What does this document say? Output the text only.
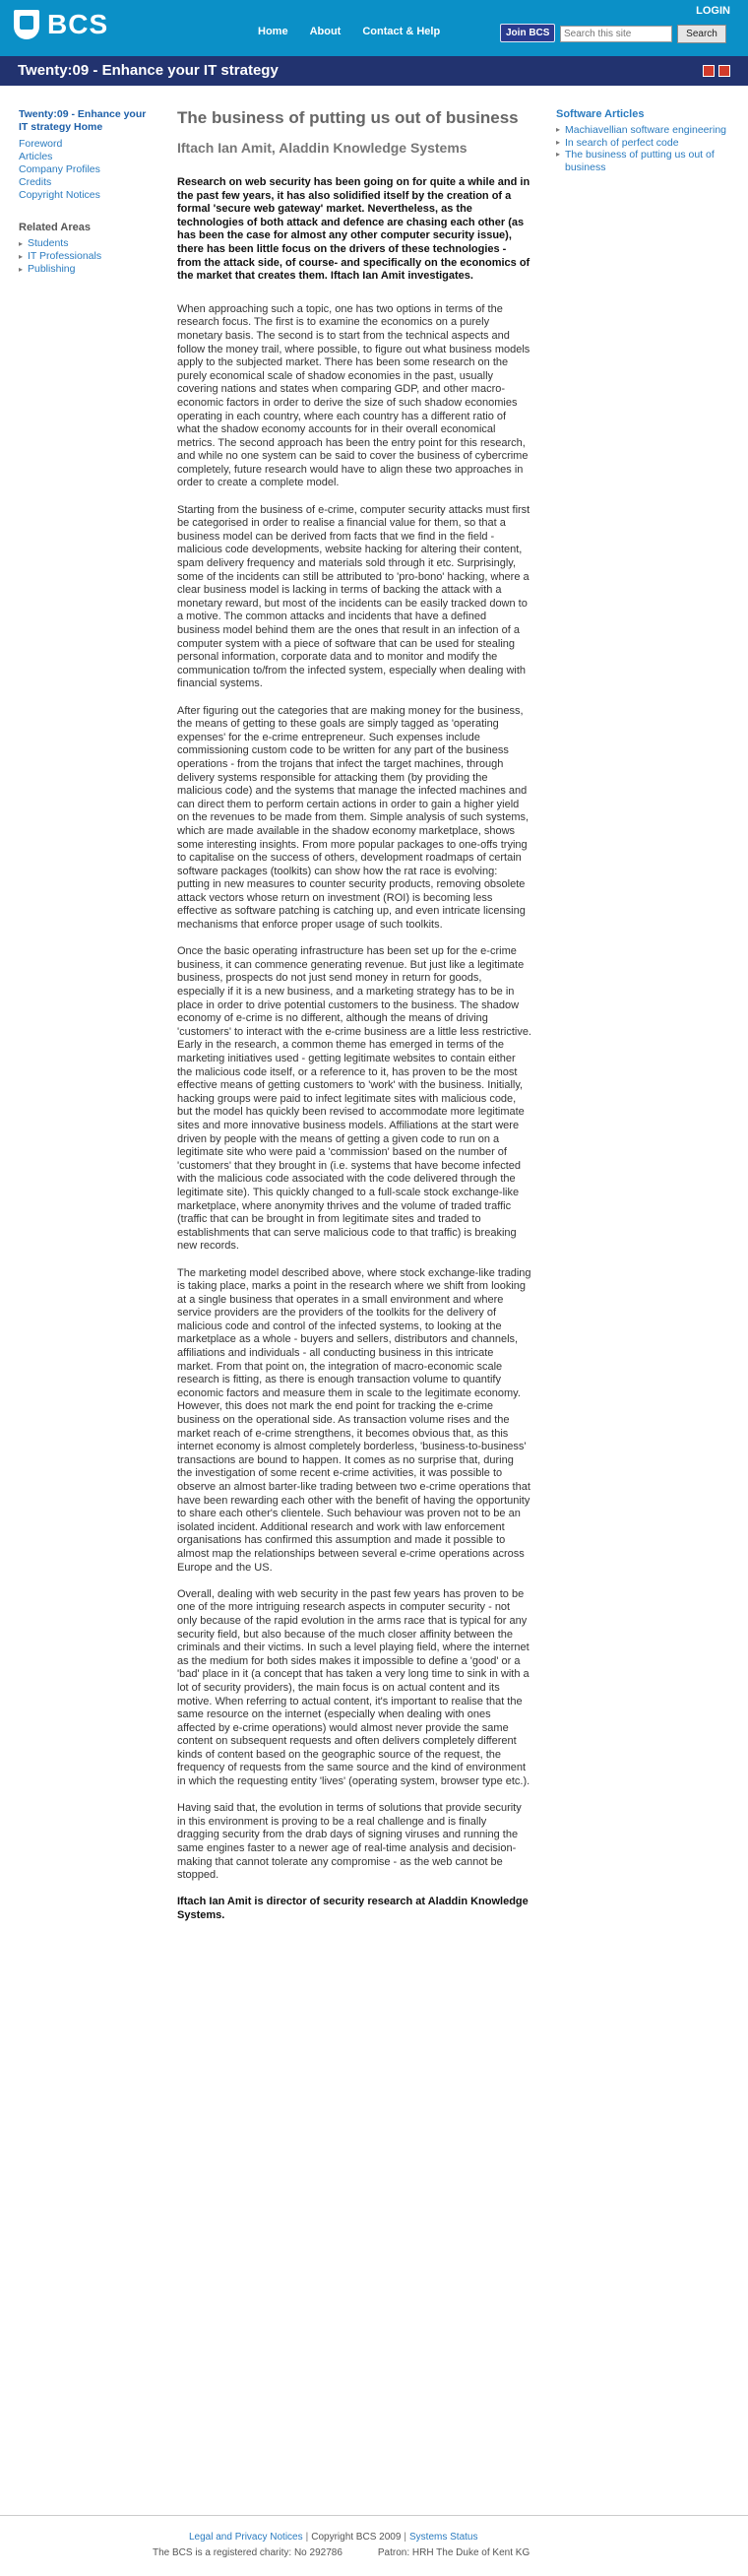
BCS	LOGIN
Home About Contact & Help	Join BCS
Search this site	Search
Twenty:09 - Enhance your IT strategy
Twenty:09 - Enhance your IT strategy Home
Foreword
Articles
Company Profiles
Credits
Copyright Notices
Related Areas
▸ Students
▸ IT Professionals
▸ Publishing
The business of putting us out of business
Iftach Ian Amit, Aladdin Knowledge Systems

Research on web security has been going on for quite a while and in the past few years, it has also solidified itself by the creation of a formal 'secure web gateway' market. Nevertheless, as the technologies of both attack and defence are chasing each other (as has been the case for almost any other computer security issue), there has been little focus on the drivers of these technologies - from the attack side, of course- and specifically on the economics of the market that creates them. Iftach Ian Amit investigates.

When approaching such a topic, one has two options in terms of the research focus. The first is to examine the economics on a purely monetary basis. The second is to start from the technical aspects and follow the money trail, where possible, to figure out what business models apply to the subjected market. There has been some research on the purely economical scale of shadow economies in the past, usually covering nations and states when comparing GDP, and other macro-economic factors in order to derive the size of such shadow economies operating in each country, where each country has a different ratio of what the shadow economy accounts for in their overall economical metrics. The second approach has been the entry point for this research, and while no one system can be said to cover the business of cybercrime completely, future research would have to align these two approaches in order to create a complete model.

Starting from the business of e-crime, computer security attacks must first be categorised in order to realise a financial value for them, so that a business model can be derived from facts that we find in the field - malicious code developments, website hacking for altering their content, spam delivery frequency and materials sold through it etc. Surprisingly, some of the incidents can still be attributed to 'pro-bono' hacking, where a clear business model is lacking in terms of backing the attack with a monetary reward, but most of the incidents can be easily tracked down to a motive. The common attacks and incidents that have a defined business model behind them are the ones that result in an infection of a computer system with a piece of software that can be used for stealing personal information, corporate data and to monitor and modify the communication to/from the infected system, especially when dealing with financial systems.

After figuring out the categories that are making money for the business, the means of getting to these goals are simply tagged as 'operating expenses' for the e-crime entrepreneur. Such expenses include commissioning custom code to be written for any part of the business operations - from the trojans that infect the target machines, through delivery systems responsible for attacking them (by providing the malicious code) and the systems that manage the infected machines and can direct them to perform certain actions in order to gain a higher yield on the revenues to be made from them. Simple analysis of such systems, which are made available in the shadow economy marketplace, shows some interesting insights. From more popular packages to one-offs trying to capitalise on the success of others, development roadmaps of certain software packages (toolkits) can show how the rat race is evolving: putting in new measures to counter security products, removing obsolete attack vectors whose return on investment (ROI) is becoming less effective as software patching is catching up, and even intricate licensing mechanisms that enforce proper usage of such toolkits.

Once the basic operating infrastructure has been set up for the e-crime business, it can commence generating revenue. But just like a legitimate business, prospects do not just send money in return for goods, especially if it is a new business, and a marketing strategy has to be in place in order to drive potential customers to the business. The shadow economy of e-crime is no different, although the means of driving 'customers' to interact with the e-crime business are a little less restrictive. Early in the research, a common theme has emerged in terms of the marketing initiatives used - getting legitimate websites to contain either the malicious code itself, or a reference to it, has proven to be the most effective means of getting customers to 'work' with the business. Initially, hacking groups were paid to infect legitimate sites with malicious code, but the model has quickly been revised to accommodate more legitimate sites and more innovative business models. Affiliations at the start were driven by people with the means of getting a given code to run on a legitimate site who were paid a 'commission' based on the number of 'customers' that they brought in (i.e. systems that have become infected with the malicious code associated with the code delivered through the legitimate site). This quickly changed to a full-scale stock exchange-like marketplace, where anonymity thrives and the volume of traded traffic (traffic that can be brought in from legitimate sites and traded to establishments that can serve malicious code to that traffic) is breaking new records.

The marketing model described above, where stock exchange-like trading is taking place, marks a point in the research where we shift from looking at a single business that operates in a small environment and where service providers are the providers of the toolkits for the delivery of malicious code and control of the infected systems, to looking at the marketplace as a whole - buyers and sellers, distributors and channels, affiliations and individuals - all conducting business in this intricate market. From that point on, the integration of macro-economic scale research is fitting, as there is enough transaction volume to quantify economic factors and measure them in scale to the legitimate economy. However, this does not mark the end point for tracking the e-crime business on the operational side. As transaction volume rises and the market reach of e-crime strengthens, it becomes obvious that, as this internet economy is almost completely borderless, 'business-to-business' transactions are bound to happen. It comes as no surprise that, during the investigation of some recent e-crime activities, it was possible to observe an almost barter-like trading between two e-crime operations that have been rewarding each other with the benefit of having the opportunity to share each other's clientele. Such behaviour was proven not to be an isolated incident. Additional research and work with law enforcement organisations has confirmed this assumption and made it possible to almost map the relationships between several e-crime operations across Europe and the US.

Overall, dealing with web security in the past few years has proven to be one of the more intriguing research aspects in computer security - not only because of the rapid evolution in the arms race that is typical for any security field, but also because of the much closer affinity between the criminals and their victims. In such a level playing field, where the internet as the medium for both sides makes it impossible to define a 'good' or a 'bad' place in it (a concept that has taken a very long time to sink in with a lot of security providers), the main focus is on actual content and its motive. When referring to actual content, it's important to realise that the same resource on the internet (especially when dealing with ones affected by e-crime operations) would almost never provide the same content on subsequent requests and often delivers completely different kinds of content based on the geographic source of the request, the frequency of requests from the same source and the kind of environment in which the requesting entity 'lives' (operating system, browser type etc.).

Having said that, the evolution in terms of solutions that provide security in this environment is proving to be a real challenge and is finally dragging security from the drab days of signing viruses and running the same engines faster to a newer age of real-time analysis and decision-making that cannot tolerate any compromise - as the web cannot be stopped.

Iftach Ian Amit is director of security research at Aladdin Knowledge Systems.

Software Articles
▸ Machiavellian software engineering
▸ In search of perfect code
▸ The business of putting us out of business
Legal and Privacy Notices | Copyright BCS 2009 | Systems Status
The BCS is a registered charity: No 292786	Patron: HRH The Duke of Kent KG
